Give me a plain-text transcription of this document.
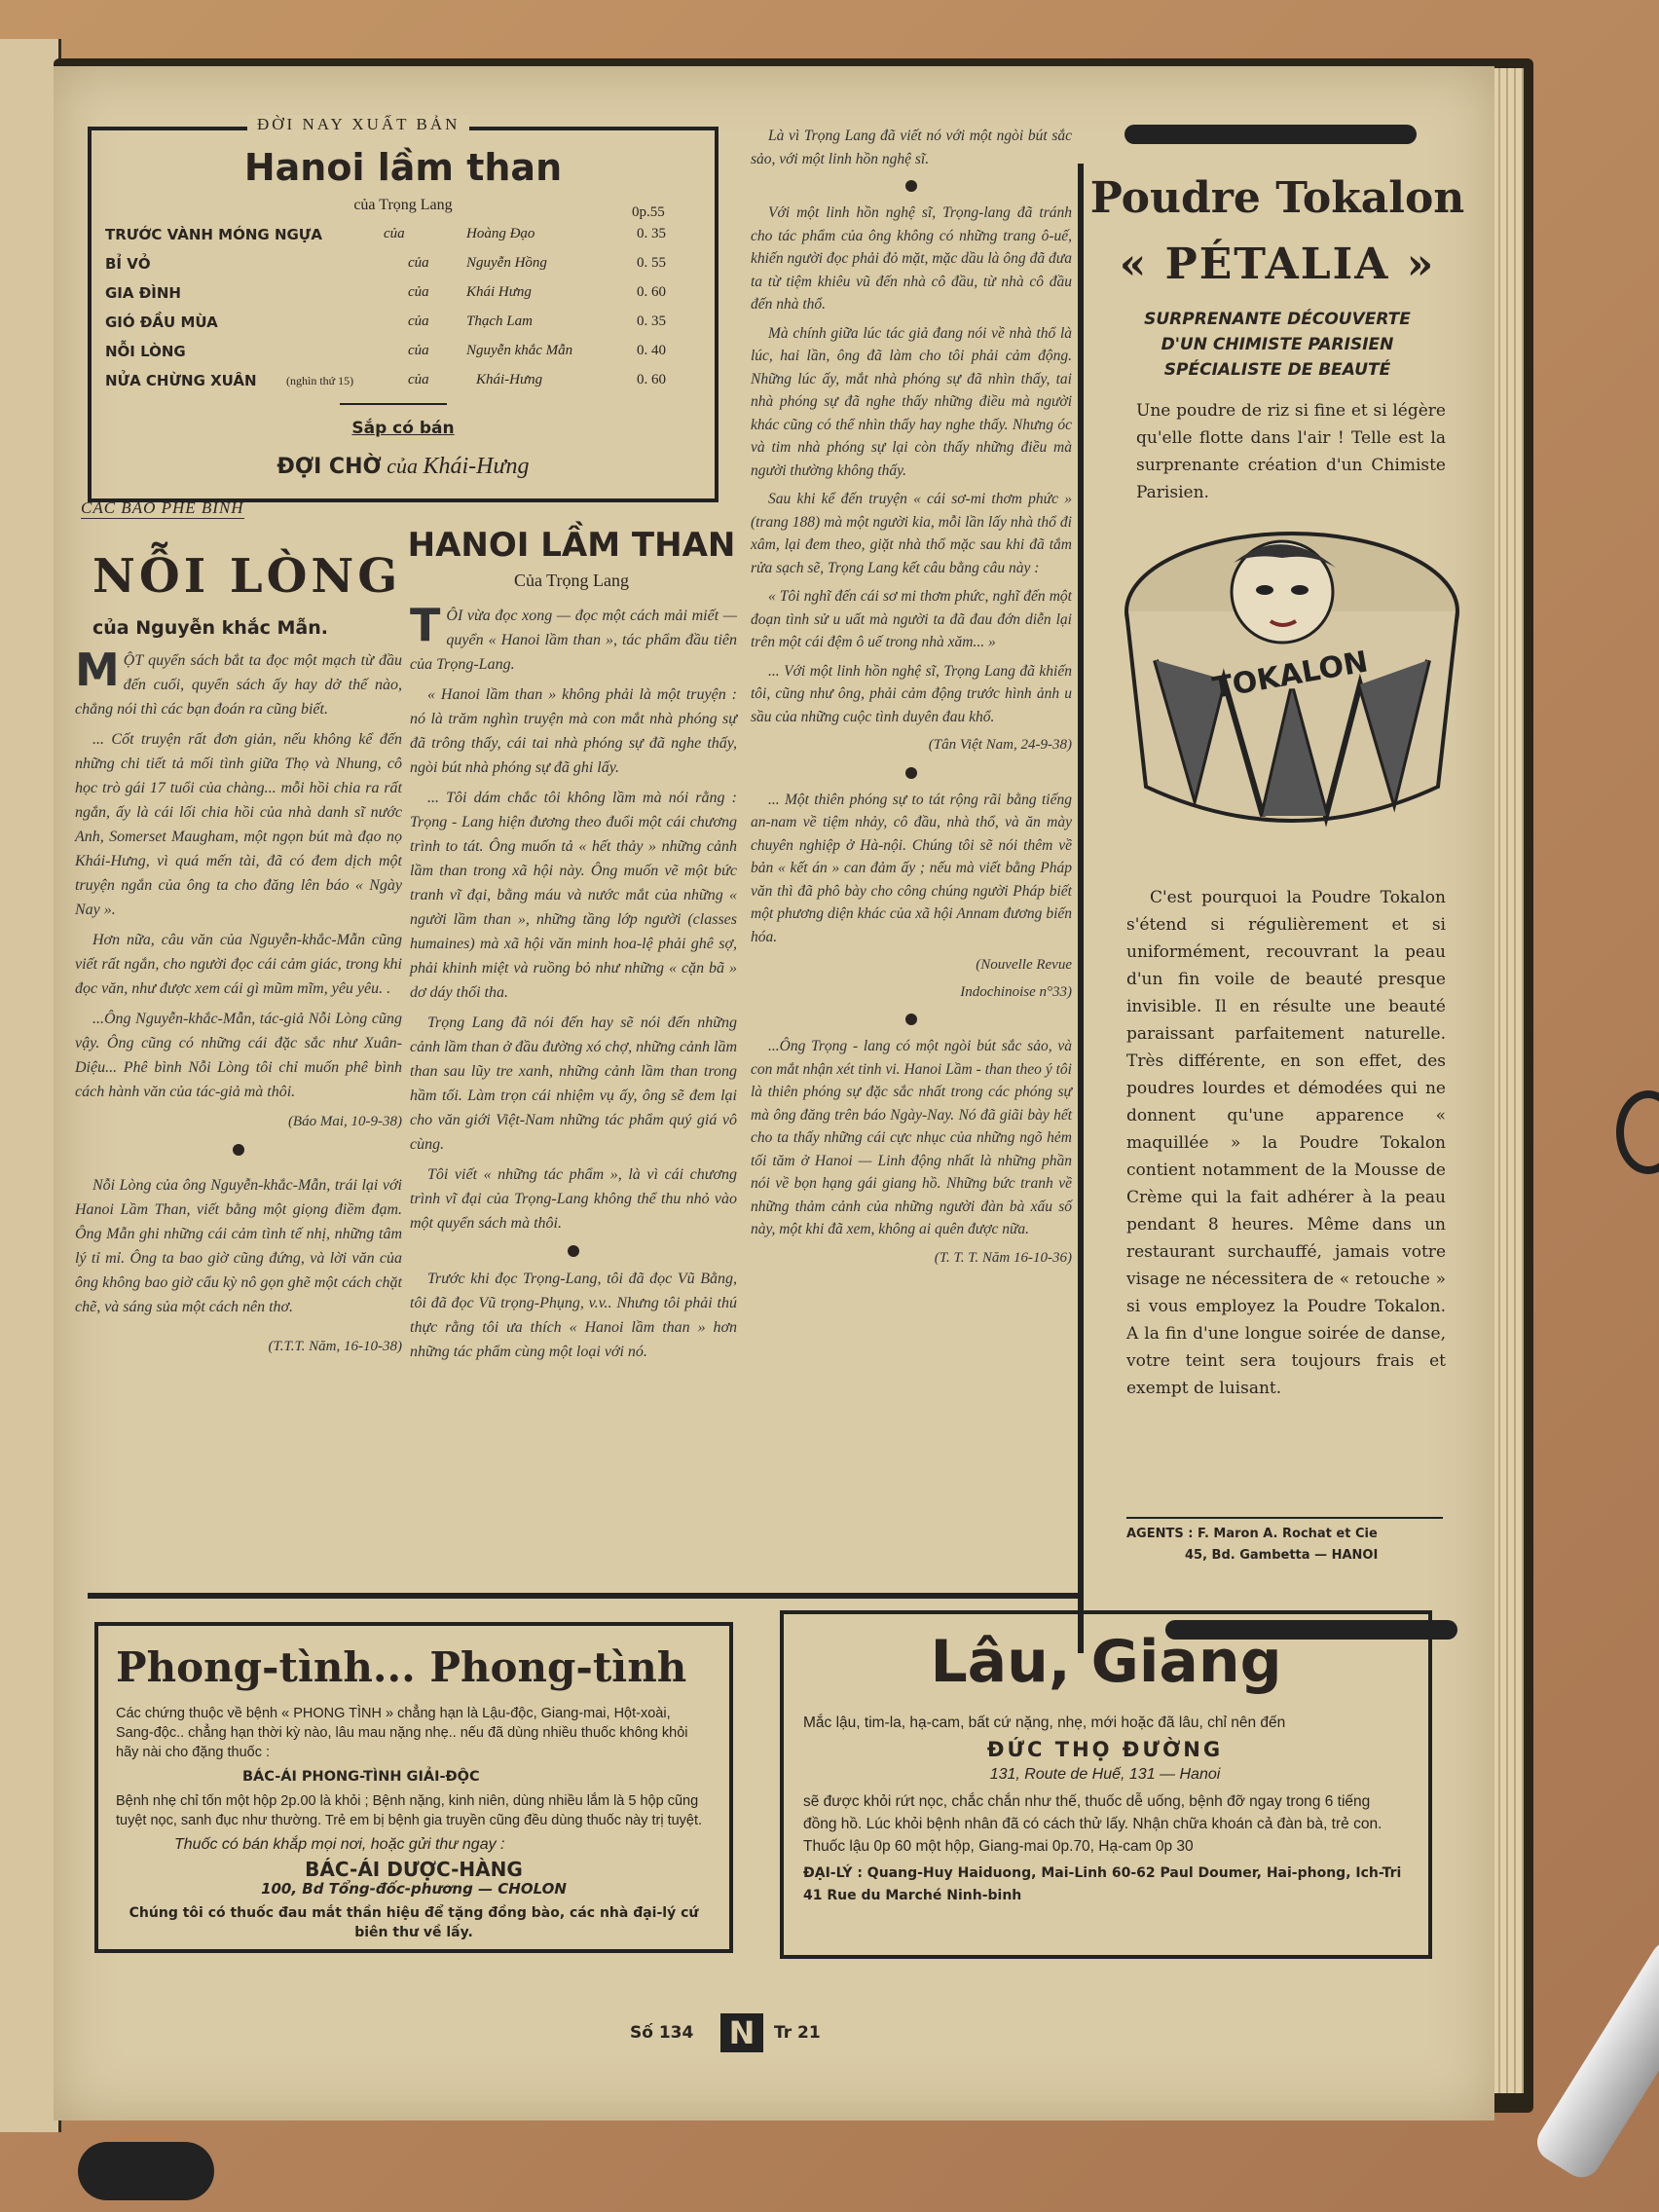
ĐỜI NAY XUẤT BẢN
Hanoi lầm than
của Trọng Lang	0p.55
TRƯỚC VÀNH MÓNG NGỰA	của	Hoàng Đạo	0. 35
BỈ VỎ	của	Nguyễn Hồng	0. 55
GIA ĐÌNH	của	Khái Hưng	0. 60
GIÓ ĐẦU MÙA	của	Thạch Lam	0. 35
NỖI LÒNG	của	Nguyễn khắc Mẫn	0. 40
NỬA CHỪNG XUÂN	(nghìn thứ 15)	của	Khái-Hưng	0. 60
Sắp có bán
ĐỢI CHỜ của Khái-Hưng
CÁC BÁO PHÊ BÌNH
NỖI LÒNG
của Nguyễn khắc Mẫn.

MỘT quyển sách bắt ta đọc một mạch từ đầu đến cuối, quyển sách ấy hay dở thế nào, chẳng nói thì các bạn đoán ra cũng biết.

... Cốt truyện rất đơn giản, nếu không kể đến những chi tiết tả mối tình giữa Thọ và Nhung, cô học trò gái 17 tuổi của chàng... mỗi hồi chia ra rất ngắn, ấy là cái lối chia hồi của nhà danh sĩ nước Anh, Somerset Maugham, một ngọn bút mà đạo nọ Khái-Hưng, vì quá mến tài, đã có đem dịch một truyện ngắn của ông ta cho đăng lên báo « Ngày Nay ».

Hơn nữa, câu văn của Nguyễn-khắc-Mẫn cũng viết rất ngắn, cho người đọc cái cảm giác, trong khi đọc văn, như được xem cái gì mũm mĩm, yêu yêu. .

...Ông Nguyễn-khắc-Mẫn, tác-giả Nỗi Lòng cũng vậy. Ông cũng có những cái đặc sắc như Xuân-Diệu... Phê bình Nỗi Lòng tôi chỉ muốn phê bình cách hành văn của tác-giả mà thôi.

(Báo Mai, 10-9-38)

Nỗi Lòng của ông Nguyễn-khắc-Mẫn, trái lại với Hanoi Lầm Than, viết bằng một giọng điềm đạm. Ông Mẫn ghi những cái cảm tình tế nhị, những tâm lý tỉ mỉ. Ông ta bao giờ cũng đứng, và lời văn của ông không bao giờ cẩu kỳ nô gọn ghẽ một cách chặt chẽ, và sáng sủa một cách nên thơ.

(T.T.T. Năm, 16-10-38)
HANOI LẦM THAN
Của Trọng Lang

TÔI vừa đọc xong — đọc một cách mải miết — quyển « Hanoi lầm than », tác phẩm đầu tiên của Trọng-Lang.

« Hanoi lầm than » không phải là một truyện : nó là trăm nghìn truyện mà con mắt nhà phóng sự đã trông thấy, cái tai nhà phóng sự đã nghe thấy, ngòi bút nhà phóng sự đã ghi lấy.

... Tôi dám chắc tôi không lầm mà nói rằng : Trọng - Lang hiện đương theo đuổi một cái chương trình to tát. Ông muốn tả « hết thảy » những cảnh lầm than trong xã hội này. Ông muốn vẽ một bức tranh vĩ đại, bằng máu và nước mắt của những « người lầm than », những tầng lớp người (classes humaines) mà xã hội văn minh hoa-lệ phải ghê sợ, phải khinh miệt và ruồng bỏ như những « cặn bã » dơ dáy thối tha.

Trọng Lang đã nói đến hay sẽ nói đến những cảnh lầm than ở đầu đường xó chợ, những cảnh lầm than sau lũy tre xanh, những cảnh lầm than trong hầm tối. Làm trọn cái nhiệm vụ ấy, ông sẽ đem lại cho văn giới Việt-Nam những tác phẩm quý giá vô cùng.

Tôi viết « những tác phẩm », là vì cái chương trình vĩ đại của Trọng-Lang không thể thu nhỏ vào một quyển sách mà thôi.

Trước khi đọc Trọng-Lang, tôi đã đọc Vũ Bằng, tôi đã đọc Vũ trọng-Phụng, v.v.. Nhưng tôi phải thú thực rằng tôi ưa thích « Hanoi lầm than » hơn những tác phẩm cùng một loại với nó.

Là vì Trọng Lang đã viết nó với một ngòi bút sắc sảo, với một linh hồn nghệ sĩ.

Với một linh hồn nghệ sĩ, Trọng-lang đã tránh cho tác phẩm của ông không có những trang ô-uế, khiến người đọc phải đỏ mặt, mặc dầu là ông đã đưa ta từ tiệm khiêu vũ đến nhà cô đầu, từ nhà cô đầu đến nhà thổ.

Mà chính giữa lúc tác giả đang nói về nhà thổ là lúc, hai lần, ông đã làm cho tôi phải cảm động. Những lúc ấy, mắt nhà phóng sự đã nhìn thấy, tai nhà phóng sự đã nghe thấy những điều mà người khác cũng có thể nhìn thấy hay nghe thấy. Nhưng óc và tim nhà phóng sự lại còn thấy những điều mà người thường không thấy.

Sau khi kể đến truyện « cái sơ-mi thơm phức » (trang 188) mà một người kia, mỗi lần lấy nhà thổ đi xâm, lại đem theo, giặt nhà thổ mặc sau khi đã tắm rửa sạch sẽ, Trọng Lang kết câu bằng câu này :

« Tôi nghĩ đến cái sơ mi thơm phức, nghĩ đến một đoạn tình sử u uất mà người ta đã đau đớn diễn lại trên một cái đệm ô uế trong nhà xăm... »

... Với một linh hồn nghệ sĩ, Trọng Lang đã khiến tôi, cũng như ông, phải cảm động trước hình ảnh u sầu của những cuộc tình duyên đau khổ.

(Tân Việt Nam, 24-9-38)

... Một thiên phóng sự to tát rộng rãi bằng tiếng an-nam về tiệm nhảy, cô đầu, nhà thổ, và ăn mày chuyên nghiệp ở Hà-nội. Chúng tôi sẽ nói thêm về bản « kết án » can đảm ấy ; nếu mà viết bằng Pháp văn thì đã phô bày cho công chúng người Pháp biết một phương diện khác của xã hội Annam đương biến hóa.

(Nouvelle Revue
Indochinoise n°33)

...Ông Trọng - lang có một ngòi bút sắc sảo, và con mắt nhận xét tinh vi. Hanoi Lầm - than theo ý tôi là thiên phóng sự đặc sắc nhất trong các phóng sự mà ông đăng trên báo Ngày-Nay. Nó đã giãi bày hết cho ta thấy những cái cực nhục của những ngõ hẻm tối tăm ở Hanoi — Linh động nhất là những phần nói về bọn hạng gái giang hồ. Những bức tranh về những thảm cảnh của những người đàn bà xấu số này, một khi đã xem, không ai quên được nữa.

(T. T. T. Năm 16-10-36)
Poudre Tokalon
« PÉTALIA »
SURPRENANTE DÉCOUVERTE
D'UN CHIMISTE PARISIEN
SPÉCIALISTE DE BEAUTÉ
Une poudre de riz si fine et si légère qu'elle flotte dans l'air ! Telle est la surprenante création d'un Chimiste Parisien.
TOKALON
C'est pourquoi la Poudre Tokalon s'étend si régulièrement et si uniformément, recouvrant la peau d'un fin voile de beauté presque invisible. Il en résulte une beauté paraissant parfaitement naturelle. Très différente, en son effet, des poudres lourdes et démodées qui ne donnent qu'une apparence « maquillée » la Poudre Tokalon contient notamment de la Mousse de Crème qui la fait adhérer à la peau pendant 8 heures. Même dans un restaurant surchauffé, jamais votre visage ne nécessitera de « retouche » si vous employez la Poudre Tokalon. A la fin d'une longue soirée de danse, votre teint sera toujours frais et exempt de luisant.
AGENTS : F. Maron A. Rochat et Cie
45, Bd. Gambetta — HANOI
Phong-tình... Phong-tình

Các chứng thuộc về bệnh « PHONG TÌNH » chẳng hạn là Lậu-độc, Giang-mai, Hột-xoài, Sang-độc.. chẳng hạn thời kỳ nào, lâu mau nặng nhẹ.. nếu đã dùng nhiều thuốc không khỏi hãy nài cho đặng thuốc :

BÁC-ÁI PHONG-TÌNH GIẢI-ĐỘC

Bệnh nhẹ chỉ tốn một hộp 2p.00 là khỏi ; Bệnh nặng, kinh niên, dùng nhiều lắm là 5 hộp cũng tuyệt nọc, sanh đục như thường. Trẻ em bị bệnh gia truyền cũng đều dùng thuốc này trị tuyệt.

Thuốc có bán khắp mọi nơi, hoặc gửi thư ngay :

BÁC-ÁI DƯỢC-HÀNG

100, Bd Tổng-đốc-phương — CHOLON

Chúng tôi có thuốc đau mắt thần hiệu để tặng đồng bào, các nhà đại-lý cứ biên thư về lấy.

Lâu, Giang

Mắc lậu, tim-la, hạ-cam, bất cứ nặng, nhẹ, mới hoặc đã lâu, chỉ nên đến

ĐỨC THỌ ĐƯỜNG

131, Route de Huế, 131 — Hanoi

sẽ được khỏi rứt nọc, chắc chắn như thế, thuốc dễ uống, bệnh đỡ ngay trong 6 tiếng đồng hồ. Lúc khỏi bệnh nhân đã có cách thử lấy. Nhận chữa khoán cả đàn bà, trẻ con. Thuốc lậu 0p 60 một hộp, Giang-mai 0p.70, Hạ-cam 0p 30

ĐẠI-LÝ : Quang-Huy Haiduong, Mai-Linh 60-62 Paul Doumer, Hai-phong, Ich-Tri 41 Rue du Marché Ninh-binh

Số 134 N	Tr 21
